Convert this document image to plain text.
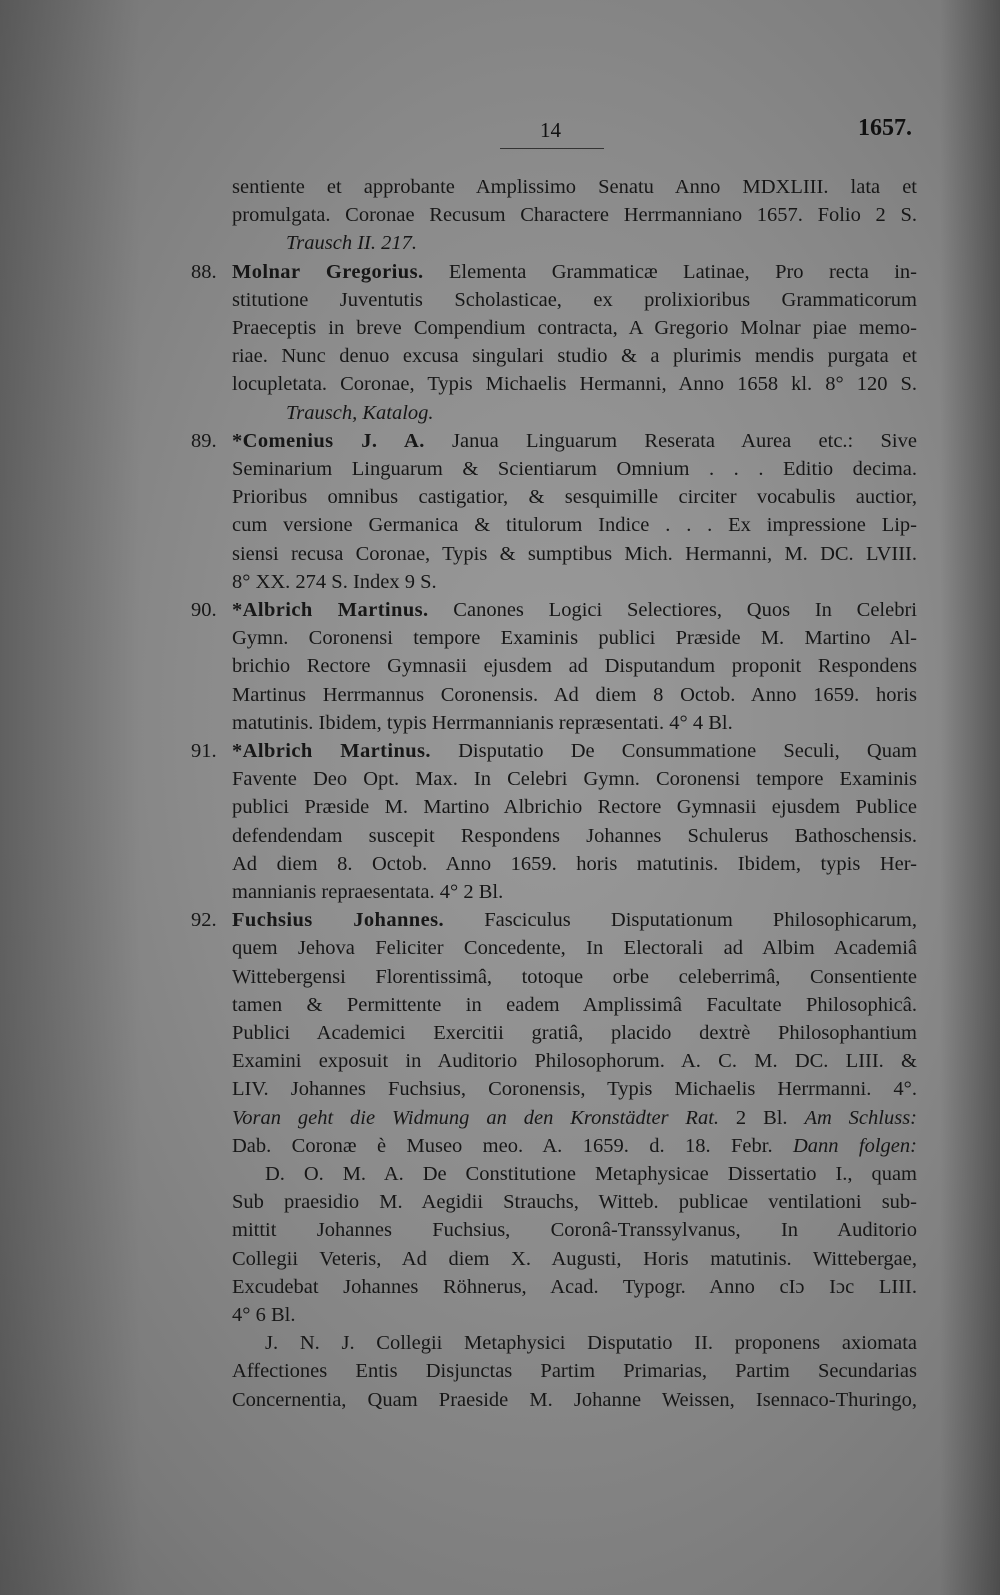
14	1657.
sentiente et approbante Amplissimo Senatu Anno MDXLIII. lata et
promulgata. Coronae Recusum Charactere Herrmanniano 1657. Folio 2 S.
Trausch II. 217.
88. Molnar Gregorius. Elementa Grammaticæ Latinae, Pro recta in-
stitutione Juventutis Scholasticae, ex prolixioribus Grammaticorum
Praeceptis in breve Compendium contracta, A Gregorio Molnar piae memo-
riae. Nunc denuo excusa singulari studio & a plurimis mendis purgata et
locupletata. Coronae, Typis Michaelis Hermanni, Anno 1658 kl. 8° 120 S.
Trausch, Katalog.
89. *Comenius J. A. Janua Linguarum Reserata Aurea etc.: Sive
Seminarium Linguarum & Scientiarum Omnium . . . Editio decima.
Prioribus omnibus castigatior, & sesquimille circiter vocabulis auctior,
cum versione Germanica & titulorum Indice . . . Ex impressione Lip-
siensi recusa Coronae, Typis & sumptibus Mich. Hermanni, M. DC. LVIII.
8° XX. 274 S. Index 9 S.
90. *Albrich Martinus. Canones Logici Selectiores, Quos In Celebri
Gymn. Coronensi tempore Examinis publici Præside M. Martino Al-
brichio Rectore Gymnasii ejusdem ad Disputandum proponit Respondens
Martinus Herrmannus Coronensis. Ad diem 8 Octob. Anno 1659. horis
matutinis. Ibidem, typis Herrmannianis repræsentati. 4° 4 Bl.
91. *Albrich Martinus. Disputatio De Consummatione Seculi, Quam
Favente Deo Opt. Max. In Celebri Gymn. Coronensi tempore Examinis
publici Præside M. Martino Albrichio Rectore Gymnasii ejusdem Publice
defendendam suscepit Respondens Johannes Schulerus Bathoschensis.
Ad diem 8. Octob. Anno 1659. horis matutinis. Ibidem, typis Her-
mannianis repraesentata. 4° 2 Bl.
92. Fuchsius Johannes. Fasciculus Disputationum Philosophicarum,
quem Jehova Feliciter Concedente, In Electorali ad Albim Academiâ
Wittebergensi Florentissimâ, totoque orbe celeberrimâ, Consentiente
tamen & Permittente in eadem Amplissimâ Facultate Philosophicâ.
Publici Academici Exercitii gratiâ, placido dextrè Philosophantium
Examini exposuit in Auditorio Philosophorum. A. C. M. DC. LIII. &
LIV. Johannes Fuchsius, Coronensis, Typis Michaelis Herrmanni. 4°.
Voran geht die Widmung an den Kronstädter Rat. 2 Bl. Am Schluss:
Dab. Coronæ è Museo meo. A. 1659. d. 18. Febr. Dann folgen:
D. O. M. A. De Constitutione Metaphysicae Dissertatio I., quam
Sub praesidio M. Aegidii Strauchs, Witteb. publicae ventilationi sub-
mittit Johannes Fuchsius, Coronâ-Transsylvanus, In Auditorio
Collegii Veteris, Ad diem X. Augusti, Horis matutinis. Wittebergae,
Excudebat Johannes Röhnerus, Acad. Typogr. Anno cIɔ Iɔc LIII.
4° 6 Bl.
J. N. J. Collegii Metaphysici Disputatio II. proponens axiomata
Affectiones Entis Disjunctas Partim Primarias, Partim Secundarias
Concernentia, Quam Praeside M. Johanne Weissen, Isennaco-Thuringo,
